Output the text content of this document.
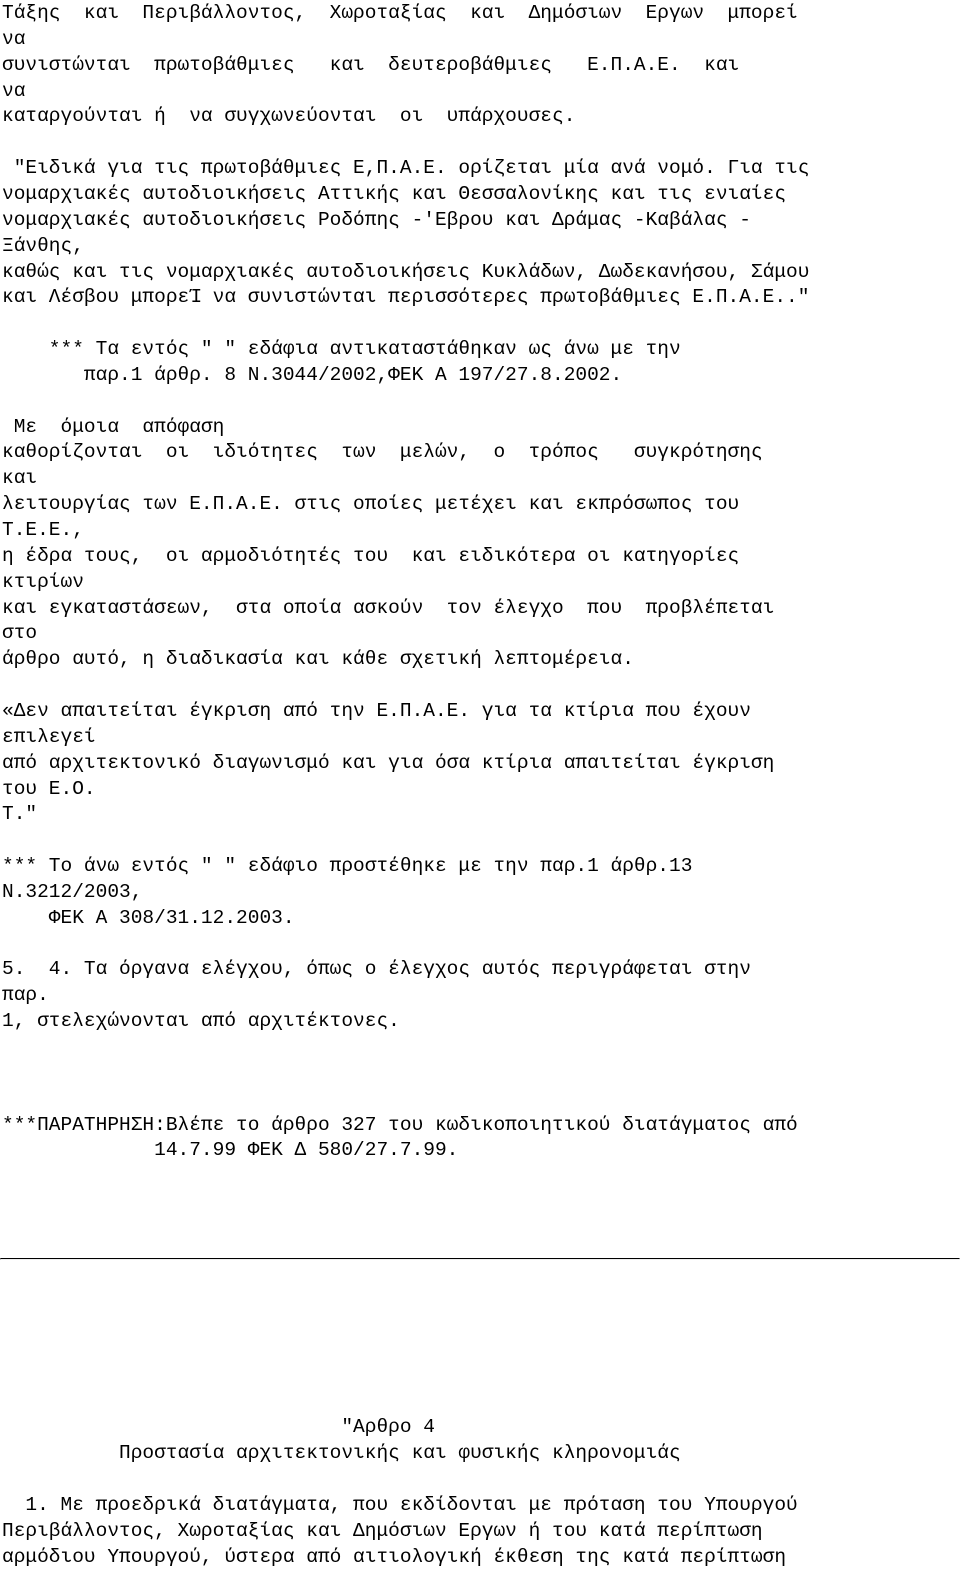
Τάξης  και  Περιβάλλοντος,  Χωροταξίας  και  Δημόσιων  Εργων  μπορεί
να
συνιστώνται  πρωτοβάθμιες   και  δευτεροβάθμιες   Ε.Π.Α.Ε.  και
να
καταργούνται ή  να συγχωνεύονται  οι  υπάρχουσες.
"Ειδικά για τις πρωτοβάθμιες Ε,Π.Α.Ε. ορίζεται μία ανά νομό. Για τις
νομαρχιακές αυτοδιοικήσεις Αττικής και Θεσσαλονίκης και τις ενιαίες
νομαρχιακές αυτοδιοικήσεις Ροδόπης -'Εβρου και Δράμας -Καβάλας -
Ξάνθης,
καθώς και τις νομαρχιακές αυτοδιοικήσεις Κυκλάδων, Δωδεκανήσου, Σάμου
και Λέσβου μπορεΊ να συνιστώνται περισσότερες πρωτοβάθμιες Ε.Π.Α.Ε.."
*** Τα εντός " " εδάφια αντικαταστάθηκαν ως άνω με την
παρ.1 άρθρ. 8 Ν.3044/2002,ΦΕΚ Α 197/27.8.2002.
Με  όμοια  απόφαση
καθορίζονται  οι  ιδιότητες  των  μελών,  ο  τρόπος   συγκρότησης
και
λειτουργίας των Ε.Π.Α.Ε. στις οποίες μετέχει και εκπρόσωπος του
Τ.Ε.Ε.,
η έδρα τους,  οι αρμοδιότητές του  και ειδικότερα οι κατηγορίες
κτιρίων
και εγκαταστάσεων,  στα οποία ασκούν  τον έλεγχο  που  προβλέπεται
στο
άρθρο αυτό, η διαδικασία και κάθε σχετική λεπτομέρεια.
«Δεν απαιτείται έγκριση από την Ε.Π.Α.Ε. για τα κτίρια που έχουν
επιλεγεί
από αρχιτεκτονικό διαγωνισμό και για όσα κτίρια απαιτείται έγκριση
του Ε.Ο.
Τ."
*** Το άνω εντός " " εδάφιο προστέθηκε με την παρ.1 άρθρ.13
Ν.3212/2003,
ΦΕΚ Α 308/31.12.2003.
5.  4. Τα όργανα ελέγχου, όπως ο έλεγχος αυτός περιγράφεται στην
παρ.
1, στελεχώνονται από αρχιτέκτονες.
***ΠΑΡΑΤΗΡΗΣΗ:Βλέπε το άρθρο 327 του κωδικοποιητικού διατάγματος από
14.7.99 ΦΕΚ Δ 580/27.7.99.
"Αρθρο 4
Προστασία αρχιτεκτονικής και φυσικής κληρονομιάς
1. Με προεδρικά διατάγματα, που εκδίδονται με πρόταση του Υπουργού
Περιβάλλοντος, Χωροταξίας και Δημόσιων Εργων ή του κατά περίπτωση
αρμόδιου Υπουργού, ύστερα από αιτιολογική έκθεση της κατά περίπτωση
